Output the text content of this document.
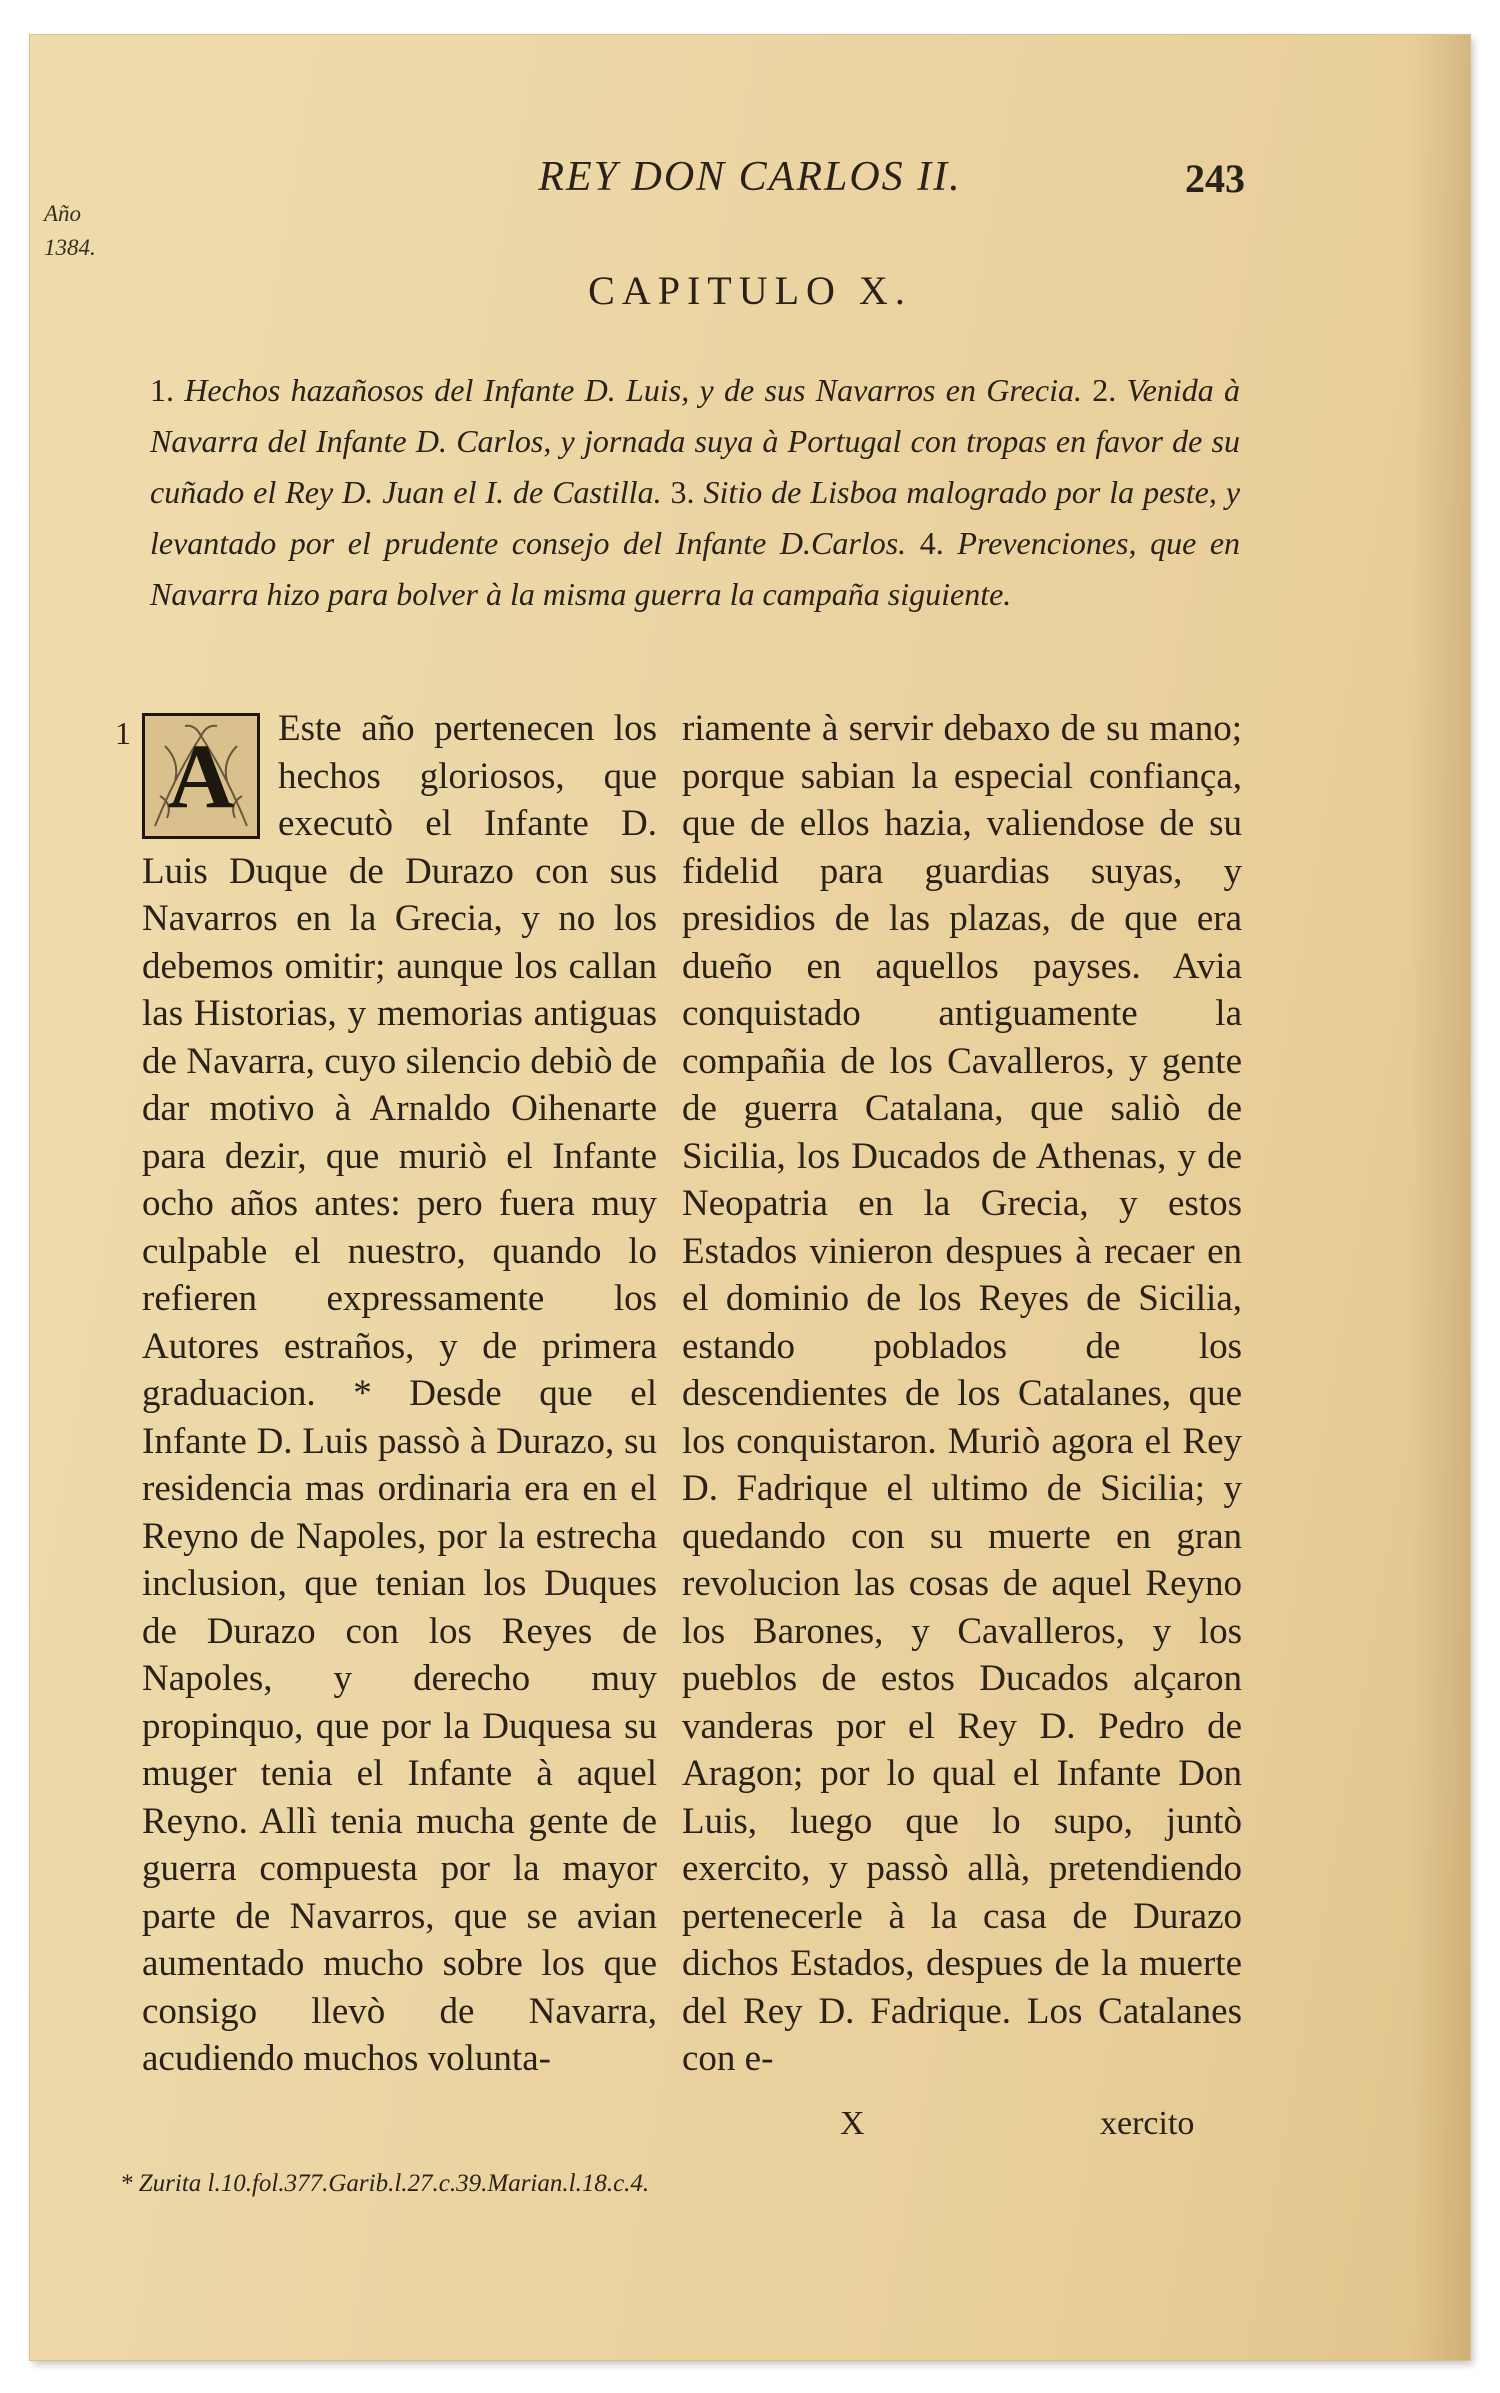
Año 1384.
REY DON CARLOS II.	243
CAPITULO X.
1. Hechos hazañosos del Infante D. Luis, y de sus Navarros en Grecia. 2. Venida à Navarra del Infante D. Carlos, y jornada suya à Portugal con tropas en favor de su cuñado el Rey D. Juan el I. de Castilla. 3. Sitio de Lisboa malogrado por la peste, y levantado por el prudente consejo del Infante D.Carlos. 4. Prevenciones, que en Navarra hizo para bolver à la misma guerra la campaña siguiente.
1 A	Este año pertenecen los hechos gloriosos, que executò el Infante D. Luis Duque de Durazo con sus Navarros en la Grecia, y no los debemos omitir; aunque los callan las Historias, y memorias antiguas de Navarra, cuyo silencio debiò de dar motivo à Arnaldo Oihenarte para dezir, que muriò el Infante ocho años antes: pero fuera muy culpable el nuestro, quando lo refieren expressamente los Autores estraños, y de primera graduacion. * Desde que el Infante D. Luis passò à Durazo, su residencia mas ordinaria era en el Reyno de Napoles, por la estrecha inclusion, que tenian los Duques de Durazo con los Reyes de Napoles, y derecho muy propinquo, que por la Duquesa su muger tenia el Infante à aquel Reyno. Allì tenia mucha gente de guerra compuesta por la mayor parte de Navarros, que se avian aumentado mucho sobre los que consigo llevò de Navarra, acudiendo muchos volunta-
riamente à servir debaxo de su mano; porque sabian la especial confiança, que de ellos hazia, valiendose de su fidelid para guardias suyas, y presidios de las plazas, de que era dueño en aquellos payses. Avia conquistado antiguamente la compañia de los Cavalleros, y gente de guerra Catalana, que saliò de Sicilia, los Ducados de Athenas, y de Neopatria en la Grecia, y estos Estados vinieron despues à recaer en el dominio de los Reyes de Sicilia, estando poblados de los descendientes de los Catalanes, que los conquistaron. Muriò agora el Rey D. Fadrique el ultimo de Sicilia; y quedando con su muerte en gran revolucion las cosas de aquel Reyno los Barones, y Cavalleros, y los pueblos de estos Ducados alçaron vanderas por el Rey D. Pedro de Aragon; por lo qual el Infante Don Luis, luego que lo supo, juntò exercito, y passò allà, pretendiendo pertenecerle à la casa de Durazo dichos Estados, despues de la muerte del Rey D. Fadrique. Los Catalanes con e-
X	xercito
* Zurita l.10.fol.377.Garib.l.27.c.39.Marian.l.18.c.4.
